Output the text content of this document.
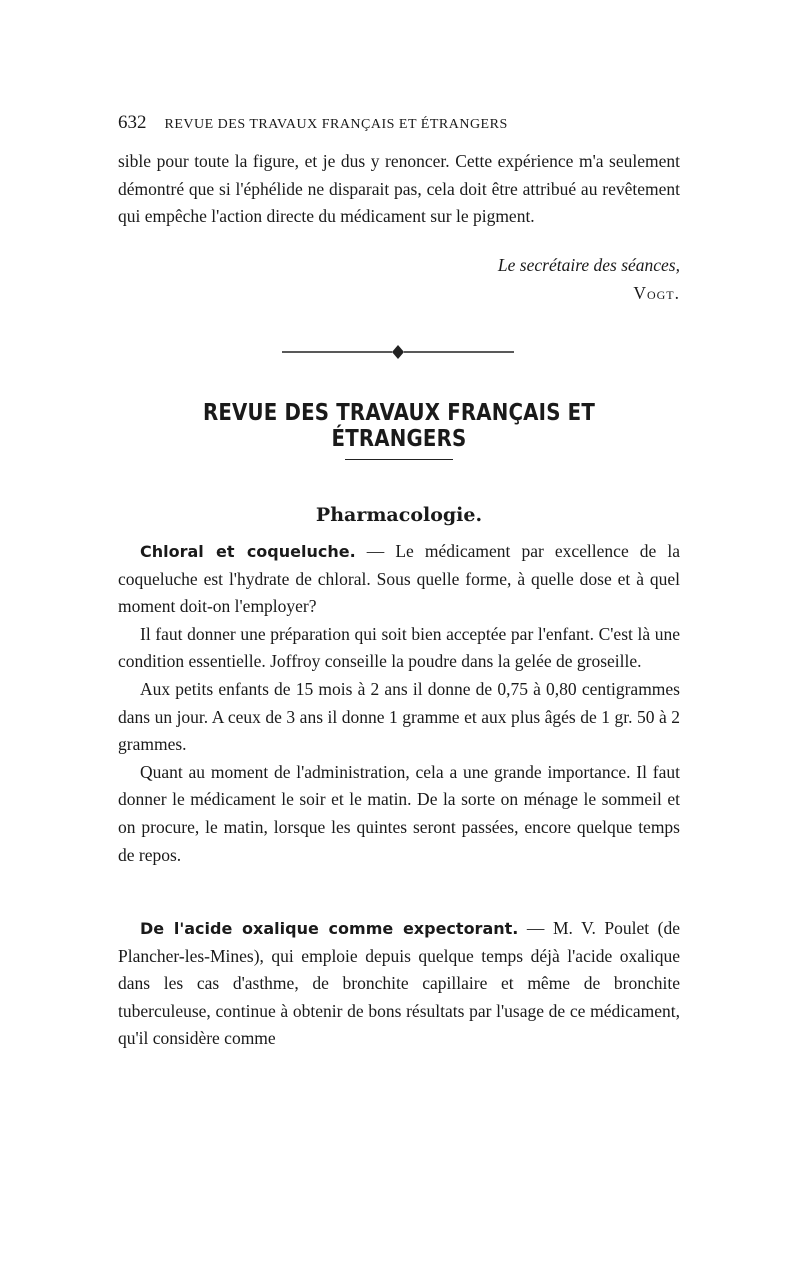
632 REVUE DES TRAVAUX FRANÇAIS ET ÉTRANGERS

sible pour toute la figure, et je dus y renoncer. Cette expérience m'a seulement démontré que si l'éphélide ne disparait pas, cela doit être attribué au revêtement qui empêche l'action directe du médicament sur le pigment.

Le secrétaire des séances,
Vogt.
REVUE DES TRAVAUX FRANÇAIS ET ÉTRANGERS
Pharmacologie.

Chloral et coqueluche. — Le médicament par excellence de la coqueluche est l'hydrate de chloral. Sous quelle forme, à quelle dose et à quel moment doit-on l'employer?

Il faut donner une préparation qui soit bien acceptée par l'enfant. C'est là une condition essentielle. Joffroy conseille la poudre dans la gelée de groseille.

Aux petits enfants de 15 mois à 2 ans il donne de 0,75 à 0,80 centigrammes dans un jour. A ceux de 3 ans il donne 1 gramme et aux plus âgés de 1 gr. 50 à 2 grammes.

Quant au moment de l'administration, cela a une grande importance. Il faut donner le médicament le soir et le matin. De la sorte on ménage le sommeil et on procure, le matin, lorsque les quintes seront passées, encore quelque temps de repos.

De l'acide oxalique comme expectorant. — M. V. Poulet (de Plancher-les-Mines), qui emploie depuis quelque temps déjà l'acide oxalique dans les cas d'asthme, de bronchite capillaire et même de bronchite tuberculeuse, continue à obtenir de bons résultats par l'usage de ce médicament, qu'il considère comme
